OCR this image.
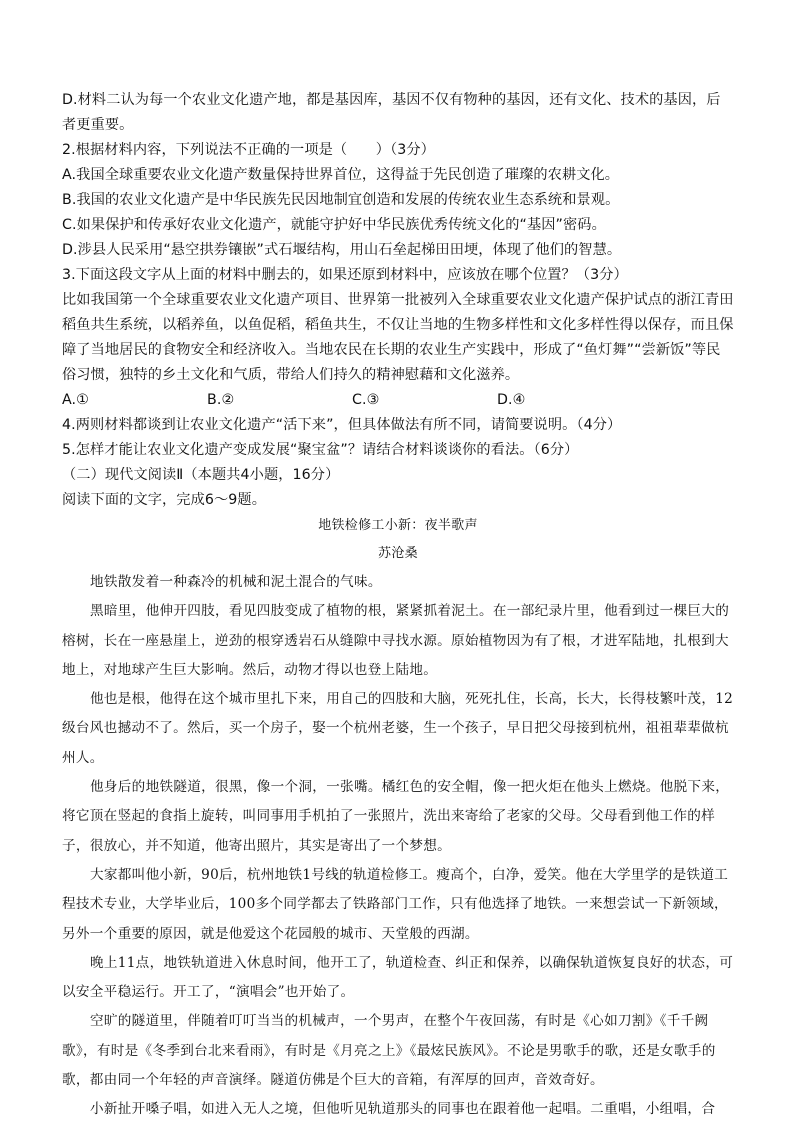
D.材料二认为每一个农业文化遗产地，都是基因库，基因不仅有物种的基因，还有文化、技术的基因，后者更重要。

2.根据材料内容，下列说法不正确的一项是（　　）（3分）

A.我国全球重要农业文化遗产数量保持世界首位，这得益于先民创造了璀璨的农耕文化。

B.我国的农业文化遗产是中华民族先民因地制宜创造和发展的传统农业生态系统和景观。

C.如果保护和传承好农业文化遗产，就能守护好中华民族优秀传统文化的“基因”密码。

D.涉县人民采用“悬空拱券镶嵌”式石堰结构，用山石垒起梯田田埂，体现了他们的智慧。

3.下面这段文字从上面的材料中删去的，如果还原到材料中，应该放在哪个位置？（3分）

比如我国第一个全球重要农业文化遗产项目、世界第一批被列入全球重要农业文化遗产保护试点的浙江青田稻鱼共生系统，以稻养鱼，以鱼促稻，稻鱼共生，不仅让当地的生物多样性和文化多样性得以保存，而且保障了当地居民的食物安全和经济收入。当地农民在长期的农业生产实践中，形成了“鱼灯舞”“尝新饭”等民俗习惯，独特的乡土文化和气质，带给人们持久的精神慰藉和文化滋养。

A.①	B.②	C.③	D.④

4.两则材料都谈到让农业文化遗产“活下来”，但具体做法有所不同，请简要说明。（4分）

5.怎样才能让农业文化遗产变成发展“聚宝盆”？请结合材料谈谈你的看法。（6分）

（二）现代文阅读Ⅱ（本题共4小题，16分）

阅读下面的文字，完成6～9题。

地铁检修工小新：夜半歌声

苏沧桑

地铁散发着一种森冷的机械和泥土混合的气味。

黑暗里，他伸开四肢，看见四肢变成了植物的根，紧紧抓着泥土。在一部纪录片里，他看到过一棵巨大的榕树，长在一座悬崖上，逆劲的根穿透岩石从缝隙中寻找水源。原始植物因为有了根，才进军陆地，扎根到大地上，对地球产生巨大影响。然后，动物才得以也登上陆地。

他也是根，他得在这个城市里扎下来，用自己的四肢和大脑，死死扎住，长高，长大，长得枝繁叶茂，12级台风也撼动不了。然后，买一个房子，娶一个杭州老婆，生一个孩子，早日把父母接到杭州，祖祖辈辈做杭州人。

他身后的地铁隧道，很黑，像一个洞，一张嘴。橘红色的安全帽，像一把火炬在他头上燃烧。他脱下来，将它顶在竖起的食指上旋转，叫同事用手机拍了一张照片，洗出来寄给了老家的父母。父母看到他工作的样子，很放心，并不知道，他寄出照片，其实是寄出了一个梦想。

大家都叫他小新，90后，杭州地铁1号线的轨道检修工。瘦高个，白净，爱笑。他在大学里学的是铁道工程技术专业，大学毕业后，100多个同学都去了铁路部门工作，只有他选择了地铁。一来想尝试一下新领域，另外一个重要的原因，就是他爱这个花园般的城市、天堂般的西湖。

晚上11点，地铁轨道进入休息时间，他开工了，轨道检查、纠正和保养，以确保轨道恢复良好的状态，可以安全平稳运行。开工了，“演唱会”也开始了。

空旷的隧道里，伴随着叮叮当当的机械声，一个男声，在整个午夜回荡，有时是《心如刀割》《千千阙歌》，有时是《冬季到台北来看雨》，有时是《月亮之上》《最炫民族风》。不论是男歌手的歌，还是女歌手的歌，都由同一个年轻的声音演绎。隧道仿佛是个巨大的音箱，有浑厚的回声，音效奇好。

小新扯开嗓子唱，如进入无人之境，但他听见轨道那头的同事也在跟着他一起唱。二重唱，小组唱，合
